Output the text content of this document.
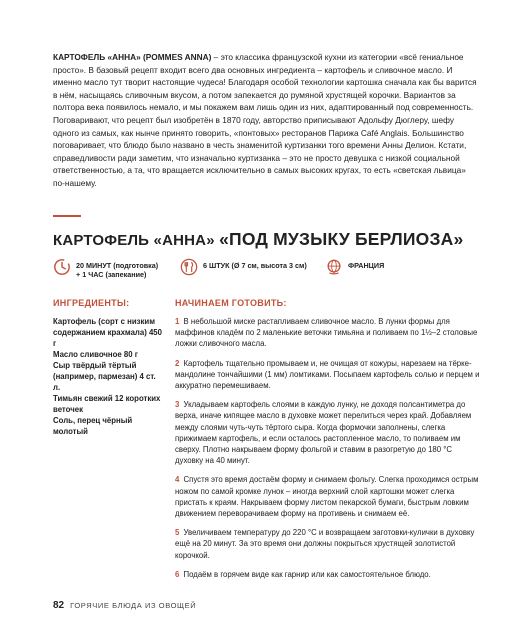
КАРТОФЕЛЬ «АННА» (POMMES ANNA) – это классика французской кухни из категории «всё гениальное просто». В базовый рецепт входит всего два основных ингредиента – картофель и сливочное масло. И именно масло тут творит настоящие чудеса! Благодаря особой технологии картошка сначала как бы варится в нём, насыщаясь сливочным вкусом, а потом запекается до румяной хрустящей корочки. Вариантов за полтора века появилось немало, и мы покажем вам лишь один из них, адаптированный под современность. Поговаривают, что рецепт был изобретён в 1870 году, авторство приписывают Адольфу Дюглеру, шефу одного из самых, как нынче принято говорить, «понтовых» ресторанов Парижа Café Anglais. Большинство поговаривает, что блюдо было названо в честь знаменитой куртизанки того времени Анны Делион. Кстати, справедливости ради заметим, что изначально куртизанка – это не просто девушка с низкой социальной ответственностью, а та, что вращается исключительно в самых высоких кругах, то есть «светская львица» по-нашему.
КАРТОФЕЛЬ «АННА» «ПОД МУЗЫКУ БЕРЛИОЗА»
20 МИНУТ (подготовка)
+ 1 ЧАС (запекание)
6 ШТУК (Ø 7 см, высота 3 см)	ФРАНЦИЯ
ИНГРЕДИЕНТЫ:
Картофель (сорт с низким содержанием крахмала) 450 г
Масло сливочное 80 г
Сыр твёрдый тёртый (например, пармезан) 4 ст. л.
Тимьян свежий 12 коротких веточек
Соль, перец чёрный молотый
НАЧИНАЕМ ГОТОВИТЬ:
1 В небольшой миске растапливаем сливочное масло. В лунки формы для маффинов кладём по 2 маленькие веточки тимьяна и поливаем по 1½–2 столовые ложки сливочного масла.
2 Картофель тщательно промываем и, не очищая от кожуры, нарезаем на тёрке-мандолине тончайшими (1 мм) ломтиками. Посыпаем картофель солью и перцем и аккуратно перемешиваем.
3 Укладываем картофель слоями в каждую лунку, не доходя полсантиметра до верха, иначе кипящее масло в духовке может перелиться через край. Добавляем между слоями чуть-чуть тёртого сыра. Когда формочки заполнены, слегка прижимаем картофель, и если осталось растопленное масло, то поливаем им сверху. Плотно накрываем форму фольгой и ставим в разогретую до 180 °С духовку на 40 минут.
4 Спустя это время достаём форму и снимаем фольгу. Слегка проходимся острым ножом по самой кромке лунок – иногда верхний слой картошки может слегка пристать к краям. Накрываем форму листом пекарской бумаги, быстрым ловким движением переворачиваем форму на противень и снимаем её.
5 Увеличиваем температуру до 220 °С и возвращаем заготовки-кулички в духовку ещё на 20 минут. За это время они должны покрыться хрустящей золотистой корочкой.
6 Подаём в горячем виде как гарнир или как самостоятельное блюдо.
82 ГОРЯЧИЕ БЛЮДА ИЗ ОВОЩЕЙ
